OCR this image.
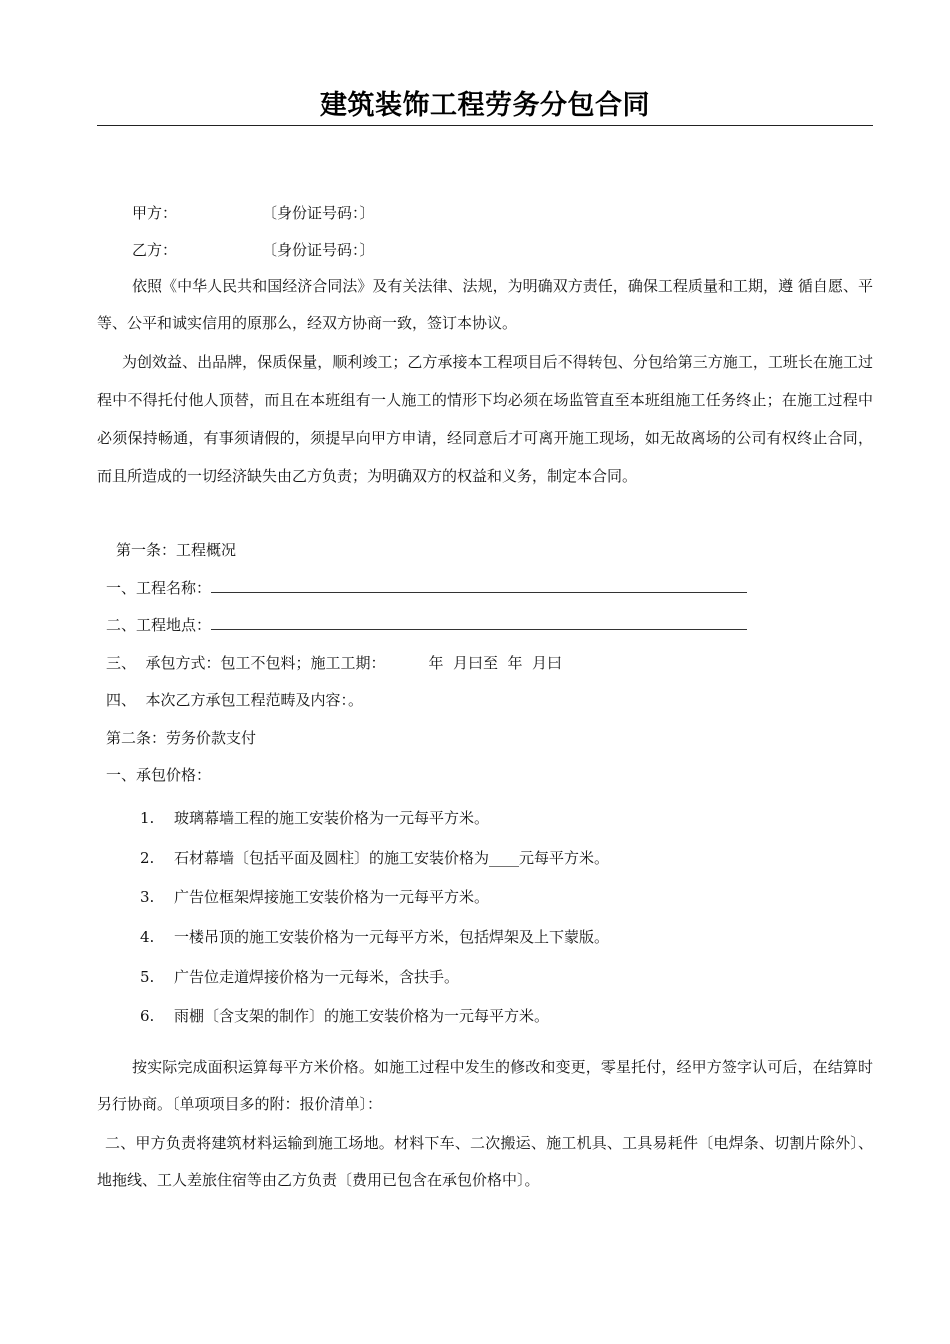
建筑装饰工程劳务分包合同
甲方：	〔身份证号码：〕
乙方：	〔身份证号码：〕
依照《中华人民共和国经济合同法》及有关法律、法规，为明确双方责任，确保工程质量和工期，遵 循自愿、平等、公平和诚实信用的原那么，经双方协商一致，签订本协议。
为创效益、出品牌，保质保量，顺利竣工；乙方承接本工程项目后不得转包、分包给第三方施工，工班长在施工过程中不得托付他人顶替，而且在本班组有一人施工的情形下均必须在场监管直至本班组施工任务终止；在施工过程中 必须保持畅通，有事须请假的，须提早向甲方申请，经同意后才可离开施工现场，如无故离场的公司有权终止合同，而且所造成的一切经济缺失由乙方负责；为明确双方的权益和义务，制定本合同。
第一条：工程概况
一、工程名称：
二、工程地点：
三、  承包方式：包工不包料；施工工期：         年  月曰至  年  月曰
四、  本次乙方承包工程范畴及内容：。
第二条：劳务价款支付
一、承包价格：
1. 玻璃幕墙工程的施工安装价格为一元每平方米。
2. 石材幕墙〔包括平面及圆柱〕的施工安装价格为____元每平方米。
3. 广告位框架焊接施工安装价格为一元每平方米。
4. 一楼吊顶的施工安装价格为一元每平方米，包括焊架及上下蒙版。
5. 广告位走道焊接价格为一元每米，含扶手。
6. 雨棚〔含支架的制作〕的施工安装价格为一元每平方米。
按实际完成面积运算每平方米价格。如施工过程中发生的修改和变更，零星托付，经甲方签字认可后，在结算时另行协商。〔单项项目多的附：报价清单〕：
二、甲方负责将建筑材料运输到施工场地。材料下车、二次搬运、施工机具、工具易耗件〔电焊条、切割片除外〕、地拖线、工人差旅住宿等由乙方负责〔费用已包含在承包价格中〕。
